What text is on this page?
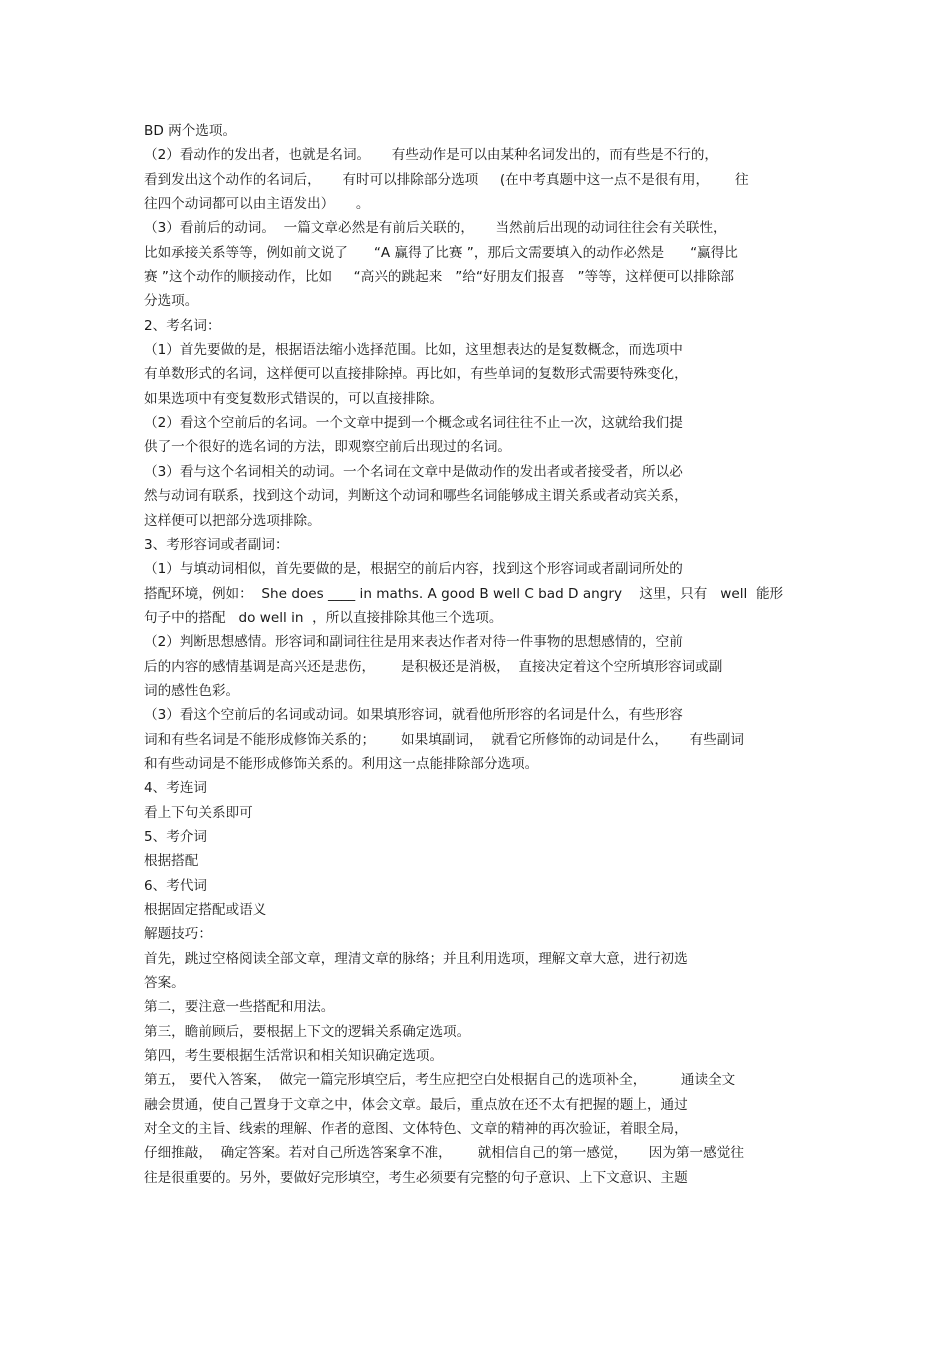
BD 两个选项。
（2）看动作的发出者，也就是名词。     有些动作是可以由某种名词发出的，而有些是不行的，
看到发出这个动作的名词后，     有时可以排除部分选项     (在中考真题中这一点不是很有用，      往
往四个动词都可以由主语发出）     。
（3）看前后的动词。  一篇文章必然是有前后关联的，     当然前后出现的动词往往会有关联性，
比如承接关系等等，例如前文说了      “A 赢得了比赛 ”，那后文需要填入的动作必然是      “赢得比
赛 ”这个动作的顺接动作，比如     “高兴的跳起来   ”给“好朋友们报喜   ”等等，这样便可以排除部
分选项。
2、考名词：
（1）首先要做的是，根据语法缩小选择范围。比如，这里想表达的是复数概念，而选项中
有单数形式的名词，这样便可以直接排除掉。再比如，有些单词的复数形式需要特殊变化，
如果选项中有变复数形式错误的，可以直接排除。
（2）看这个空前后的名词。一个文章中提到一个概念或名词往往不止一次，这就给我们提
供了一个很好的选名词的方法，即观察空前后出现过的名词。
（3）看与这个名词相关的动词。一个名词在文章中是做动作的发出者或者接受者，所以必
然与动词有联系，找到这个动词，判断这个动词和哪些名词能够成主谓关系或者动宾关系，
这样便可以把部分选项排除。
3、考形容词或者副词：
（1）与填动词相似，首先要做的是，根据空的前后内容，找到这个形容词或者副词所处的
搭配环境，例如：  She does ____ in maths. A good B well C bad D angry    这里，只有   well  能形
句子中的搭配   do well in  ，所以直接排除其他三个选项。
（2）判断思想感情。形容词和副词往往是用来表达作者对待一件事物的思想感情的，空前
后的内容的感情基调是高兴还是悲伤，      是积极还是消极，  直接决定着这个空所填形容词或副
词的感性色彩。
（3）看这个空前后的名词或动词。如果填形容词，就看他所形容的名词是什么，有些形容
词和有些名词是不能形成修饰关系的；      如果填副词，  就看它所修饰的动词是什么，     有些副词
和有些动词是不能形成修饰关系的。利用这一点能排除部分选项。
4、考连词
看上下句关系即可
5、考介词
根据搭配
6、考代词
根据固定搭配或语义
解题技巧：
首先，跳过空格阅读全部文章，理清文章的脉络；并且利用选项，理解文章大意，进行初选
答案。
第二，要注意一些搭配和用法。
第三，瞻前顾后，要根据上下文的逻辑关系确定选项。
第四，考生要根据生活常识和相关知识确定选项。
第五， 要代入答案，  做完一篇完形填空后，考生应把空白处根据自己的选项补全，        通读全文
融会贯通，使自己置身于文章之中，体会文章。最后，重点放在还不太有把握的题上，通过
对全文的主旨、线索的理解、作者的意图、文体特色、文章的精神的再次验证，着眼全局，
仔细推敲，  确定答案。若对自己所选答案拿不准，      就相信自己的第一感觉，     因为第一感觉往
往是很重要的。另外，要做好完形填空，考生必须要有完整的句子意识、上下文意识、主题
